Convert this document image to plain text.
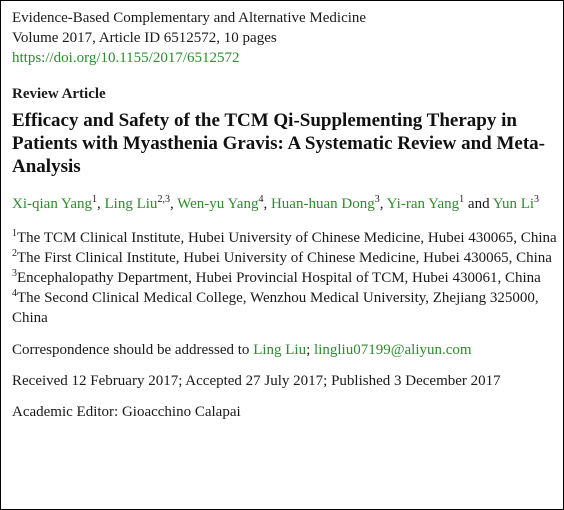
Evidence-Based Complementary and Alternative Medicine

Volume 2017, Article ID 6512572, 10 pages

https://doi.org/10.1155/2017/6512572

Review Article
Efficacy and Safety of the TCM Qi-Supplementing Therapy in Patients with Myasthenia Gravis: A Systematic Review and Meta-Analysis
Xi-qian Yang$^1$, Ling Liu$^{2,3}$, Wen-yu Yang$^4$, Huan-huan Dong$^3$, Yi-ran Yang$^1$ and Yun Li$^3$

$^1$The TCM Clinical Institute, Hubei University of Chinese Medicine, Hubei 430065, China

$^2$The First Clinical Institute, Hubei University of Chinese Medicine, Hubei 430065, China

$^3$Encephalopathy Department, Hubei Provincial Hospital of TCM, Hubei 430061, China

$^4$The Second Clinical Medical College, Wenzhou Medical University, Zhejiang 325000, China

Correspondence should be addressed to Ling Liu; lingliu07199@aliyun.com
Received 12 February 2017; Accepted 27 July 2017; Published 3 December 2017
Academic Editor: Gioacchino Calapai
